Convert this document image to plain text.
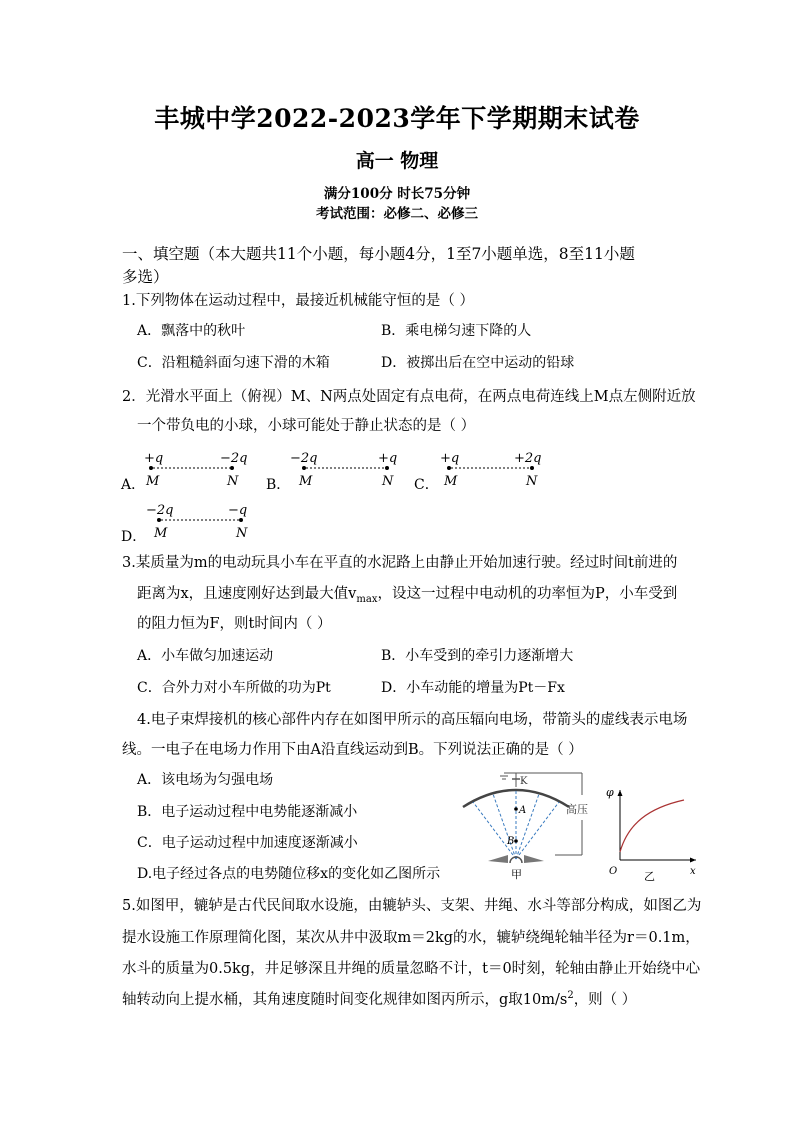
丰城中学2022-2023学年下学期期末试卷
高一 物理
满分100分 时长75分钟
考试范围：必修二、必修三
一、填空题（本大题共11个小题，每小题4分，1至7小题单选，8至11小题
多选）
1.下列物体在运动过程中，最接近机械能守恒的是（ ）
A．飘落中的秋叶	B．乘电梯匀速下降的人
C．沿粗糙斜面匀速下滑的木箱	D．被掷出后在空中运动的铅球
2．光滑水平面上（俯视）M、N两点处固定有点电荷，在两点电荷连线上M点左侧附近放
一个带负电的小球，小球可能处于静止状态的是（ ）
A．
+q	−2q
M	N B．
−2q	+q
M	N C．
+q	+2q
M	N
D．
−2q	−q
M	N
3.某质量为m的电动玩具小车在平直的水泥路上由静止开始加速行驶。经过时间t前进的
距离为x，且速度刚好达到最大值$v_{max}$，设这一过程中电动机的功率恒为P，小车受到
的阻力恒为F，则t时间内（ ）
A．小车做匀加速运动	B．小车受到的牵引力逐渐增大
C．合外力对小车所做的功为Pt	D．小车动能的增量为Pt－Fx
4.电子束焊接机的核心部件内存在如图甲所示的高压辐向电场，带箭头的虚线表示电场
线。一电子在电场力作用下由A沿直线运动到B。下列说法正确的是（ ）
A．该电场为匀强电场
B．电子运动过程中电势能逐渐减小
C．电子运动过程中加速度逐渐减小
D.电子经过各点的电势随位移x的变化如乙图所示
K
A
B
高压
甲
φ
x
O 乙
5.如图甲，辘轳是古代民间取水设施，由辘轳头、支架、井绳、水斗等部分构成，如图乙为
提水设施工作原理简化图，某次从井中汲取m＝2kg的水，辘轳绕绳轮轴半径为r＝0.1m，
水斗的质量为0.5kg，井足够深且井绳的质量忽略不计，t＝0时刻，轮轴由静止开始绕中心
轴转动向上提水桶，其角速度随时间变化规律如图丙所示，g取$10m/s^2$，则（ ）
